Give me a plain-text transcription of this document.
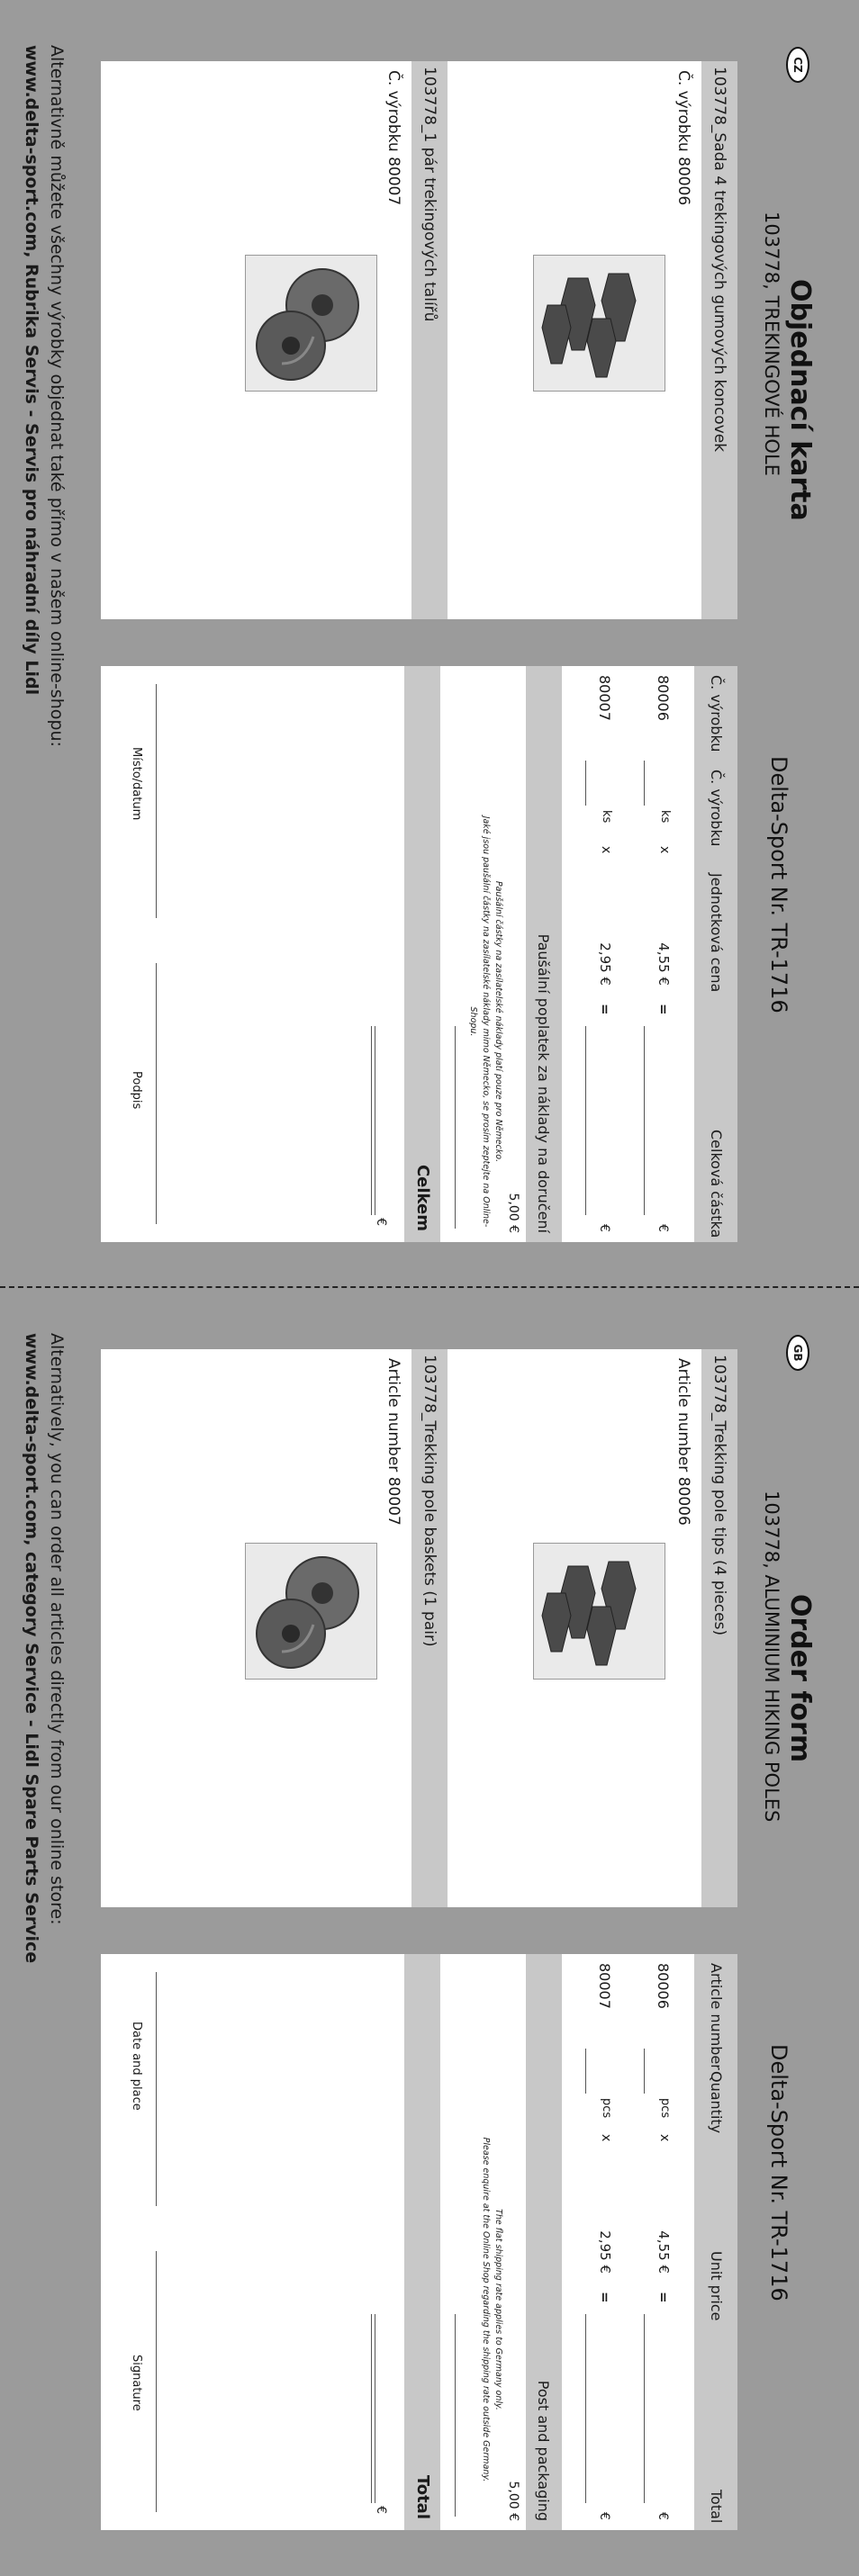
CZ
Objednací karta
103778, TREKINGOVÉ HOLE
Delta-Sport Nr. TR-1716
103778_Sada 4 trekingových gumových koncovek
Č. výrobku 80006
103778_1 pár trekingových talířů
Č. výrobku 80007
Č. výrobku
Č. výrobku
Jednotková cena
Celková částka
80006
ks
x
4,55 €
=
€
80007
ks
x
2,95 €
=
€
Paušální poplatek za náklady na doručení
5,00 €
Paušální částky na zasílatelské náklady platí pouze pro Německo.
Jaké jsou paušální částky na zasílatelské náklady mimo Německo, se prosím zeptejte na Online-Shopu.
Celkem
€
Místo/datum
Podpis
Alternativně můžete všechny výrobky objednat také přímo v našem online-shopu:
www.delta-sport.com, Rubrika Servis - Servis pro náhradní díly Lidl
GB
Order form
103778, ALUMINIUM HIKING POLES
Delta-Sport Nr. TR-1716
103778_Trekking pole tips (4 pieces)
Article number 80006
103778_Trekking pole baskets (1 pair)
Article number 80007
Article number
Quantity
Unit price
Total
80006
pcs
x
4,55 €
=
€
80007
pcs
x
2,95 €
=
€
Post and packaging
5,00 €
The flat shipping rate applies to Germany only.
Please enquire at the Online Shop regarding the shipping rate outside Germany.
Total
€
Date and place
Signature
Alternatively, you can order all articles directly from our online store:
www.delta-sport.com, category Service - Lidl Spare Parts Service
